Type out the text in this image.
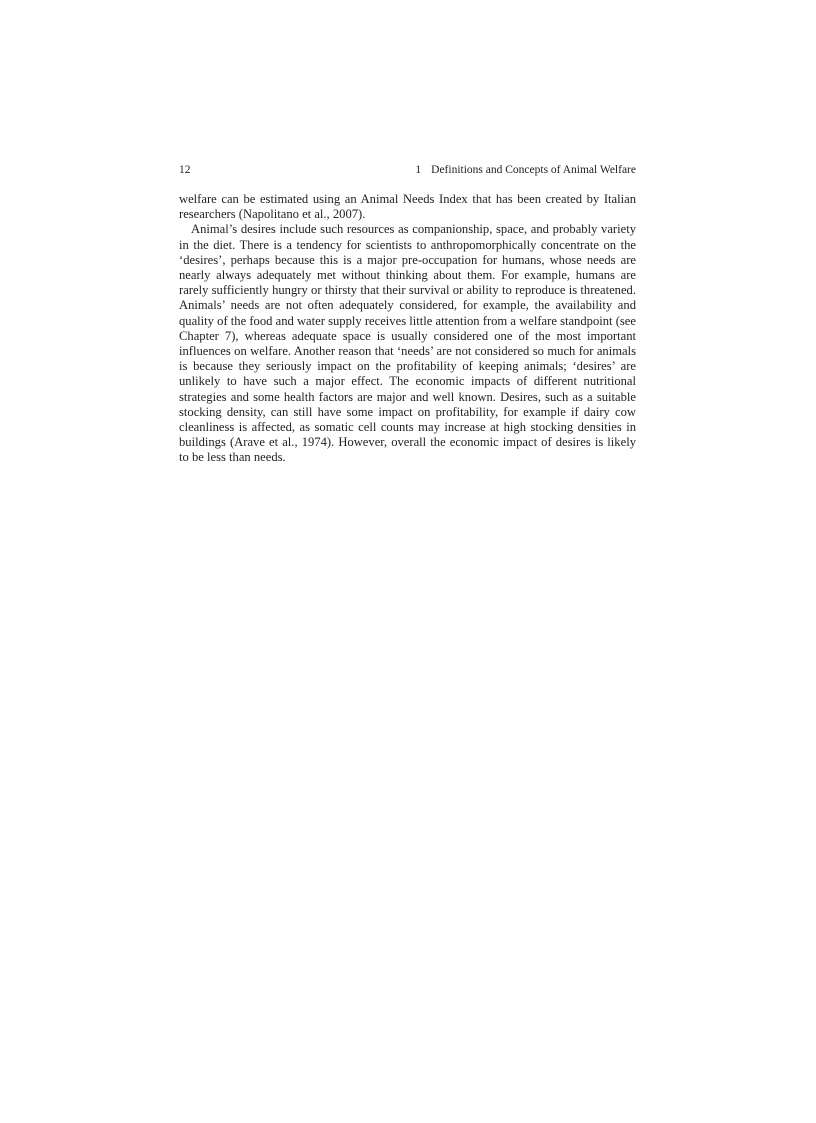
12	1 Definitions and Concepts of Animal Welfare

welfare can be estimated using an Animal Needs Index that has been created by Italian researchers (Napolitano et al., 2007).

Animal’s desires include such resources as companionship, space, and probably variety in the diet. There is a tendency for scientists to anthropomorphically concentrate on the ‘desires’, perhaps because this is a major pre-occupation for humans, whose needs are nearly always adequately met without thinking about them. For example, humans are rarely sufficiently hungry or thirsty that their survival or ability to reproduce is threatened. Animals’ needs are not often adequately considered, for example, the availability and quality of the food and water supply receives little attention from a welfare standpoint (see Chapter 7), whereas adequate space is usually considered one of the most important influences on welfare. Another reason that ‘needs’ are not considered so much for animals is because they seriously impact on the profitability of keeping animals; ‘desires’ are unlikely to have such a major effect. The economic impacts of different nutritional strategies and some health factors are major and well known. Desires, such as a suitable stocking density, can still have some impact on profitability, for example if dairy cow cleanliness is affected, as somatic cell counts may increase at high stocking densities in buildings (Arave et al., 1974). However, overall the economic impact of desires is likely to be less than needs.
